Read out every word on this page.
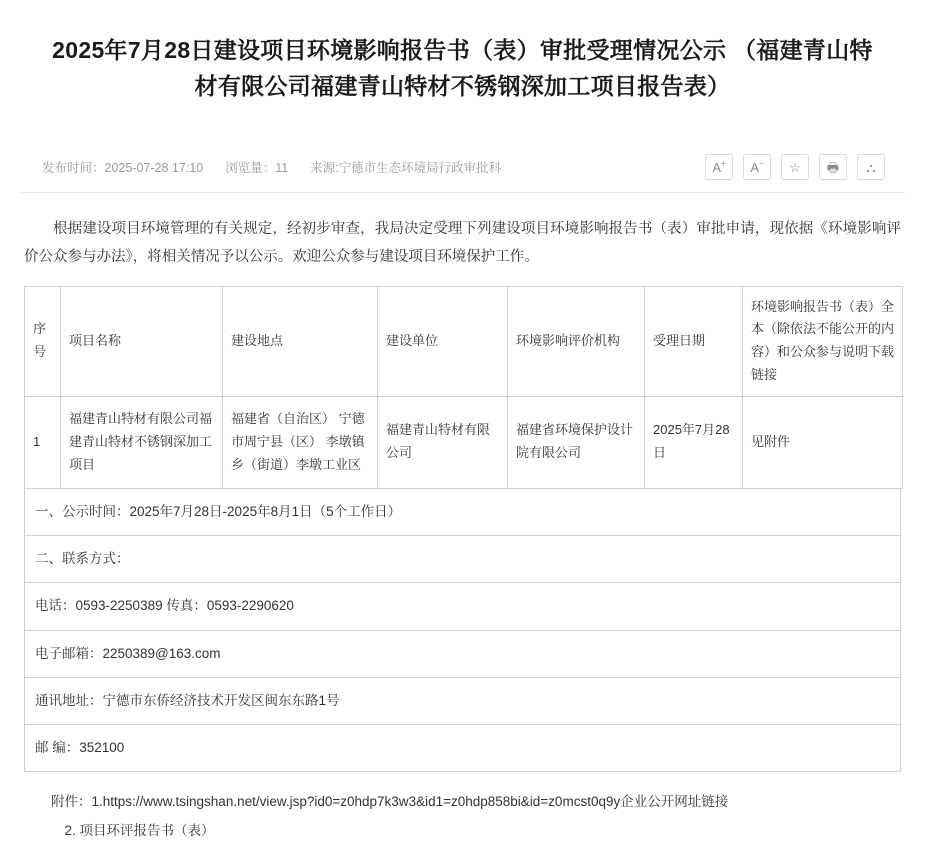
2025年7月28日建设项目环境影响报告书（表）审批受理情况公示 （福建青山特材有限公司福建青山特材不锈钢深加工项目报告表）
发布时间：2025-07-28 17:10 浏览量：11 来源:宁德市生态环境局行政审批科	A+ A− ☆ 🖶 ⛬

根据建设项目环境管理的有关规定，经初步审查，我局决定受理下列建设项目环境影响报告书（表）审批申请，现依据《环境影响评价公众参与办法》，将相关情况予以公示。欢迎公众参与建设项目环境保护工作。

序号	项目名称	建设地点	建设单位	环境影响评价机构	受理日期	环境影响报告书（表）全本（除依法不能公开的内容）和公众参与说明下载链接
1	福建青山特材有限公司福建青山特材不锈钢深加工项目	福建省（自治区） 宁德市周宁县（区） 李墩镇乡（街道）李墩工业区	福建青山特材有限公司	福建省环境保护设计院有限公司	2025年7月28日	见附件
一、公示时间：2025年7月28日-2025年8月1日（5个工作日）
二、联系方式：
电话：0593-2250389 传真：0593-2290620
电子邮箱：2250389@163.com
通讯地址：宁德市东侨经济技术开发区闽东东路1号
邮 编：352100
附件：1.https://www.tsingshan.net/view.jsp?id0=z0hdp7k3w3&id1=z0hdp858bi&id=z0mcst0q9y企业公开网址链接
2. 项目环评报告书（表）
